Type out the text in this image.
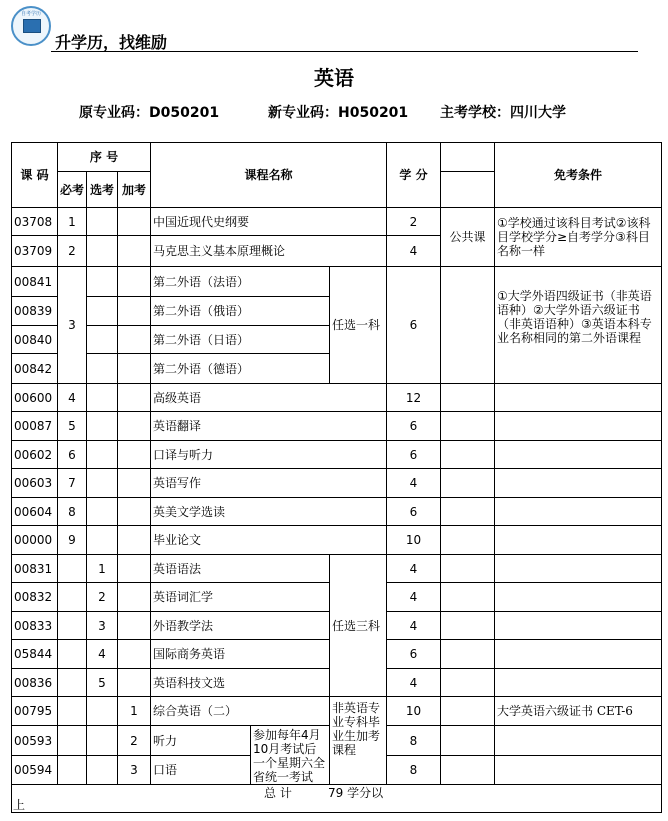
自考学历
升学历，找维励
英语
原专业码：D050201	新专业码：H050201 主考学校：四川大学
课 码	序 号			课程名称			学 分		免考条件
	必考	选考	加考						
03708	1			中国近现代史纲要			2	公共课	①学校通过该科目考试②该科目学校学分≥自考学分③科目名称一样
03709	2			马克思主义基本原理概论			4		
00841	3			第二外语（法语）		任选一科	6		①大学外语四级证书（非英语语种）②大学外语六级证书（非英语语种）③英语本科专业名称相同的第二外语课程
00839				第二外语（俄语）					
00840				第二外语（日语）					
00842				第二外语（德语）					
00600	4			高级英语			12		
00087	5			英语翻译			6		
00602	6			口译与听力			6		
00603	7			英语写作			4		
00604	8			英美文学选读			6		
00000	9			毕业论文			10		
00831		1		英语语法		任选三科	4		
00832		2		英语词汇学			4		
00833		3		外语教学法			4		
05844		4		国际商务英语			6		
00836		5		英语科技文选			4		
00795			1	综合英语（二）		非英语专业专科毕业生加考课程	10		大学英语六级证书 CET-6
00593			2	听力	参加每年4月10月考试后一个星期六全省统一考试		8		
00594			3	口语			8		

总 计 79 学分以
上									
